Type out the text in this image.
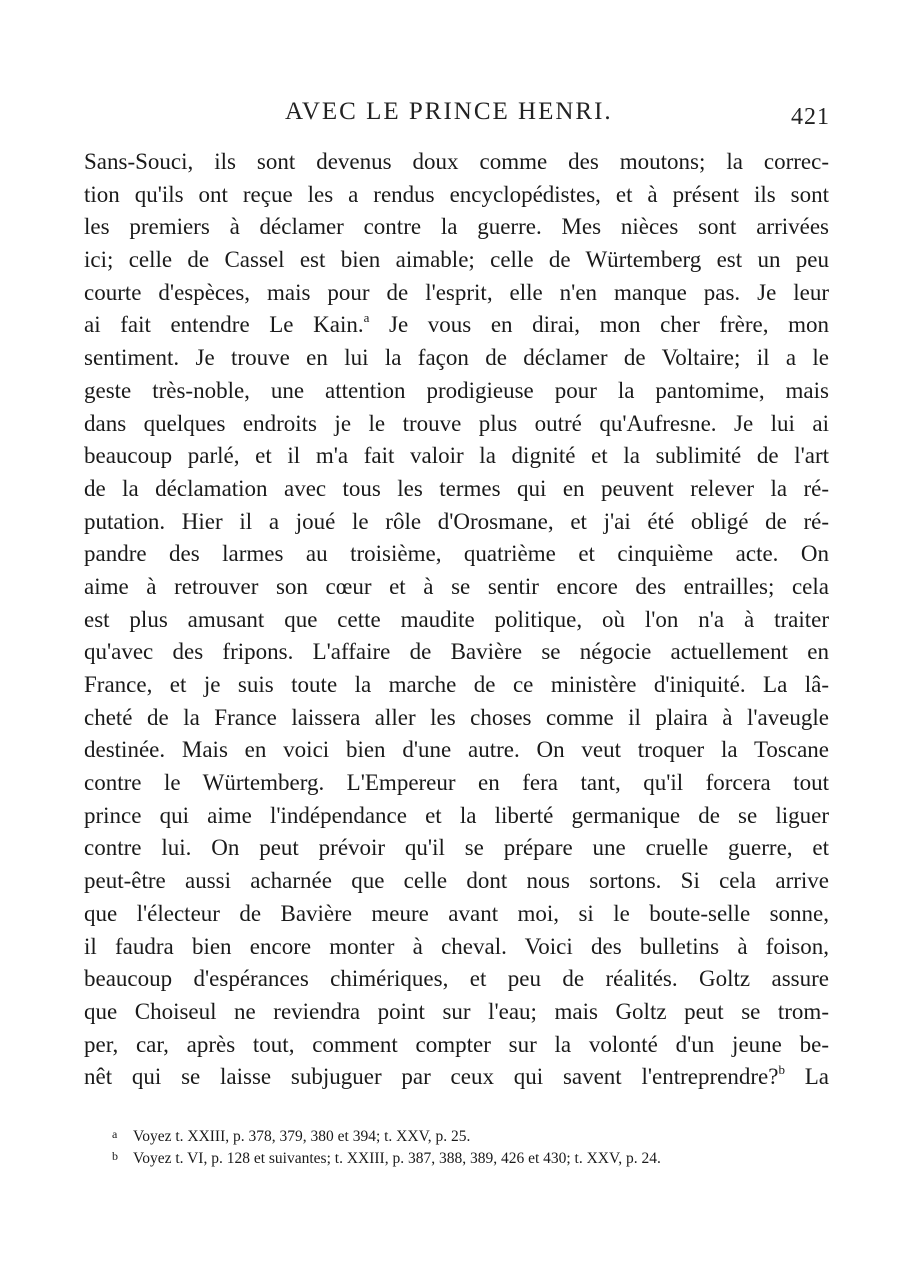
AVEC LE PRINCE HENRI.	421
Sans-Souci, ils sont devenus doux comme des moutons; la correc-
tion qu'ils ont reçue les a rendus encyclopédistes, et à présent ils sont
les premiers à déclamer contre la guerre. Mes nièces sont arrivées
ici; celle de Cassel est bien aimable; celle de Würtemberg est un peu
courte d'espèces, mais pour de l'esprit, elle n'en manque pas. Je leur
ai fait entendre Le Kain.$^a$ Je vous en dirai, mon cher frère, mon
sentiment. Je trouve en lui la façon de déclamer de Voltaire; il a le
geste très-noble, une attention prodigieuse pour la pantomime, mais
dans quelques endroits je le trouve plus outré qu'Aufresne. Je lui ai
beaucoup parlé, et il m'a fait valoir la dignité et la sublimité de l'art
de la déclamation avec tous les termes qui en peuvent relever la ré-
putation. Hier il a joué le rôle d'Orosmane, et j'ai été obligé de ré-
pandre des larmes au troisième, quatrième et cinquième acte. On
aime à retrouver son cœur et à se sentir encore des entrailles; cela
est plus amusant que cette maudite politique, où l'on n'a à traiter
qu'avec des fripons. L'affaire de Bavière se négocie actuellement en
France, et je suis toute la marche de ce ministère d'iniquité. La lâ-
cheté de la France laissera aller les choses comme il plaira à l'aveugle
destinée. Mais en voici bien d'une autre. On veut troquer la Toscane
contre le Würtemberg. L'Empereur en fera tant, qu'il forcera tout
prince qui aime l'indépendance et la liberté germanique de se liguer
contre lui. On peut prévoir qu'il se prépare une cruelle guerre, et
peut-être aussi acharnée que celle dont nous sortons. Si cela arrive
que l'électeur de Bavière meure avant moi, si le boute-selle sonne,
il faudra bien encore monter à cheval. Voici des bulletins à foison,
beaucoup d'espérances chimériques, et peu de réalités. Goltz assure
que Choiseul ne reviendra point sur l'eau; mais Goltz peut se trom-
per, car, après tout, comment compter sur la volonté d'un jeune be-
nêt qui se laisse subjuguer par ceux qui savent l'entreprendre?$^b$ La
a Voyez t. XXIII, p. 378, 379, 380 et 394; t. XXV, p. 25.
b Voyez t. VI, p. 128 et suivantes; t. XXIII, p. 387, 388, 389, 426 et 430; t. XXV, p. 24.
